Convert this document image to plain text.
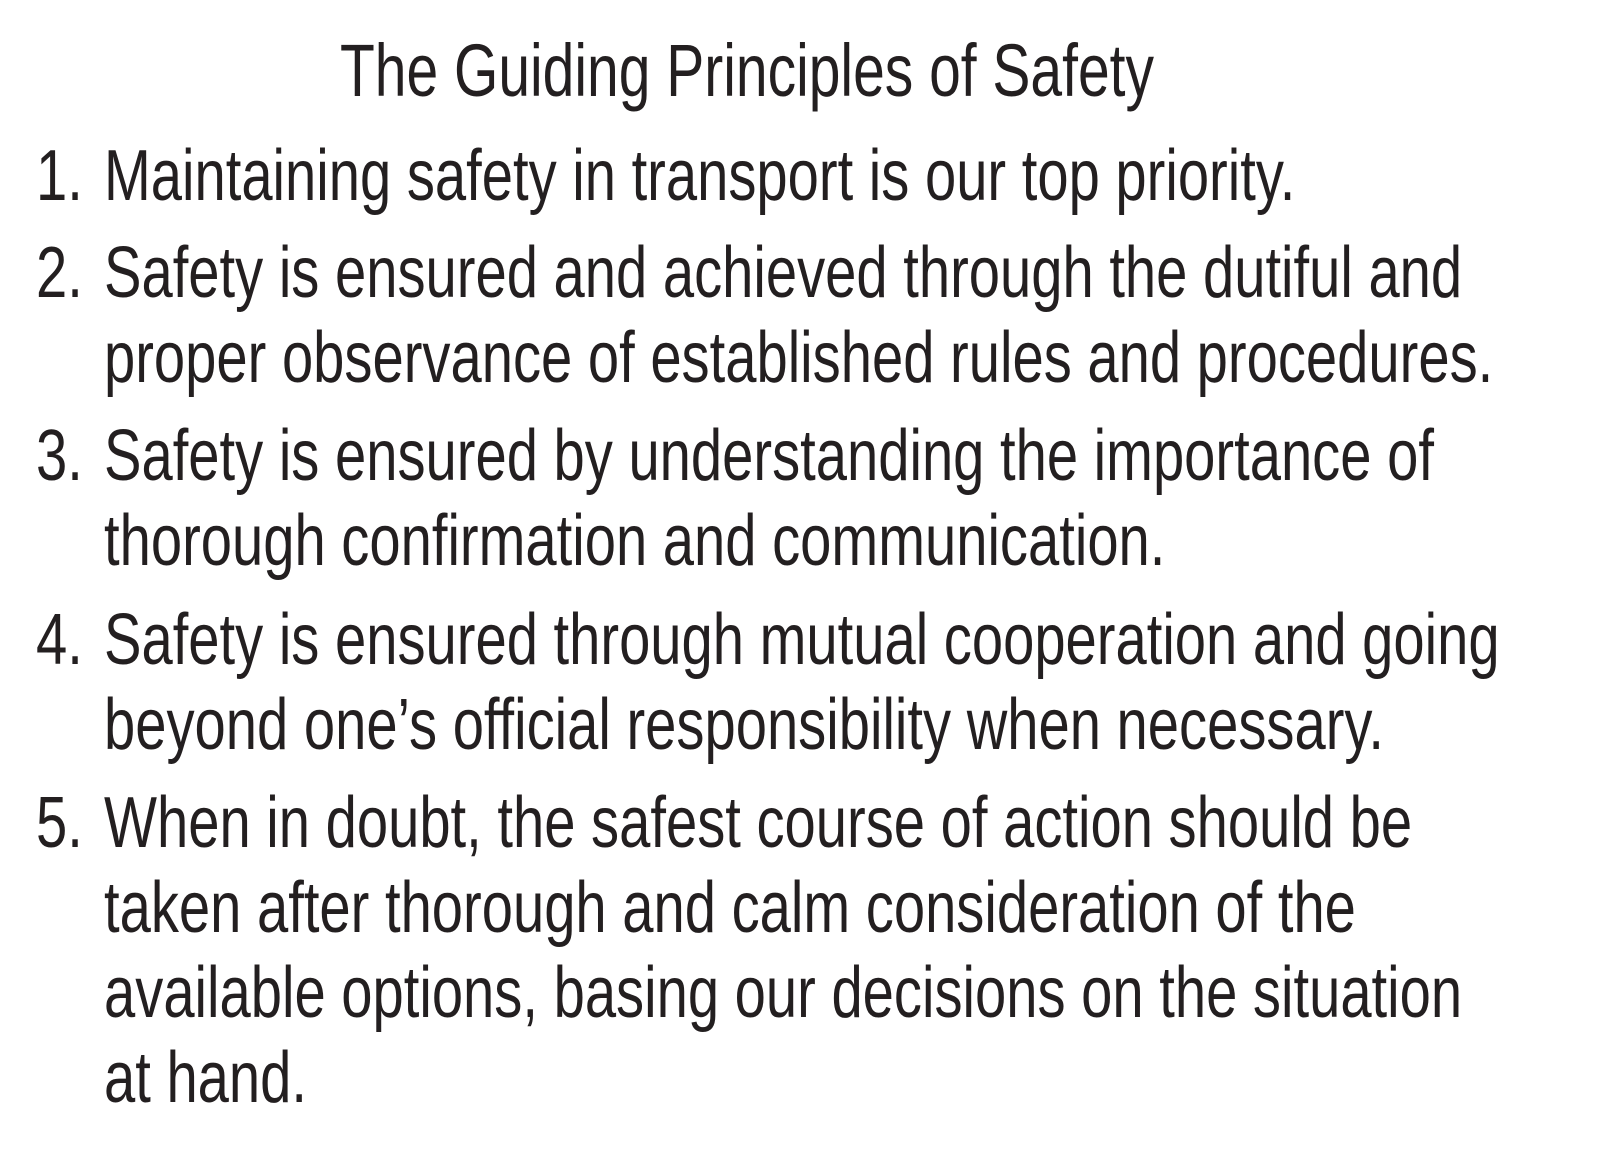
The Guiding Principles of Safety
1. Maintaining safety in transport is our top priority.
2. Safety is ensured and achieved through the dutiful and
proper observance of established rules and procedures.
3. Safety is ensured by understanding the importance of
thorough confirmation and communication.
4. Safety is ensured through mutual cooperation and going
beyond one’s official responsibility when necessary.
5. When in doubt, the safest course of action should be
taken after thorough and calm consideration of the
available options, basing our decisions on the situation
at hand.
